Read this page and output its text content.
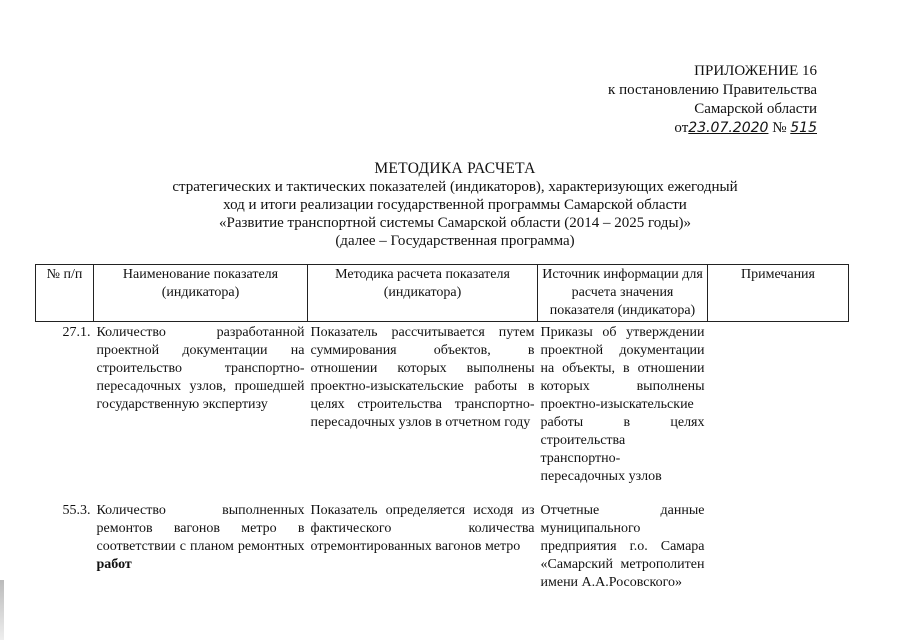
ПРИЛОЖЕНИЕ 16
к постановлению Правительства
Самарской области
от23.07.2020 № 515
МЕТОДИКА РАСЧЕТА
стратегических и тактических показателей (индикаторов), характеризующих ежегодный
ход и итоги реализации государственной программы Самарской области
«Развитие транспортной системы Самарской области (2014 – 2025 годы)»
(далее – Государственная программа)
№ п/п	Наименование показателя (индикатора)	Методика расчета показателя (индикатора)	Источник информации для расчета значения показателя (индикатора)	Примечания
27.1.	Количество разработанной проектной документации на строительство транспортно-пересадочных узлов, прошедшей государственную экспертизу	Показатель рассчитывается путем суммирования объектов, в отношении которых выполнены проектно-изыскательские работы в целях строительства транспортно-пересадочных узлов в отчетном году	Приказы об утверждении проектной документации на объекты, в отношении которых выполнены проектно-изыскательские работы в целях строительства транспортно-пересадочных узлов	
55.3.	Количество выполненных ремонтов вагонов метро в соответствии с планом ремонтных работ	Показатель определяется исходя из фактического количества отремонтированных вагонов метро	Отчетные данные муниципального предприятия г.о. Самара «Самарский метрополитен имени А.А.Росовского»	
